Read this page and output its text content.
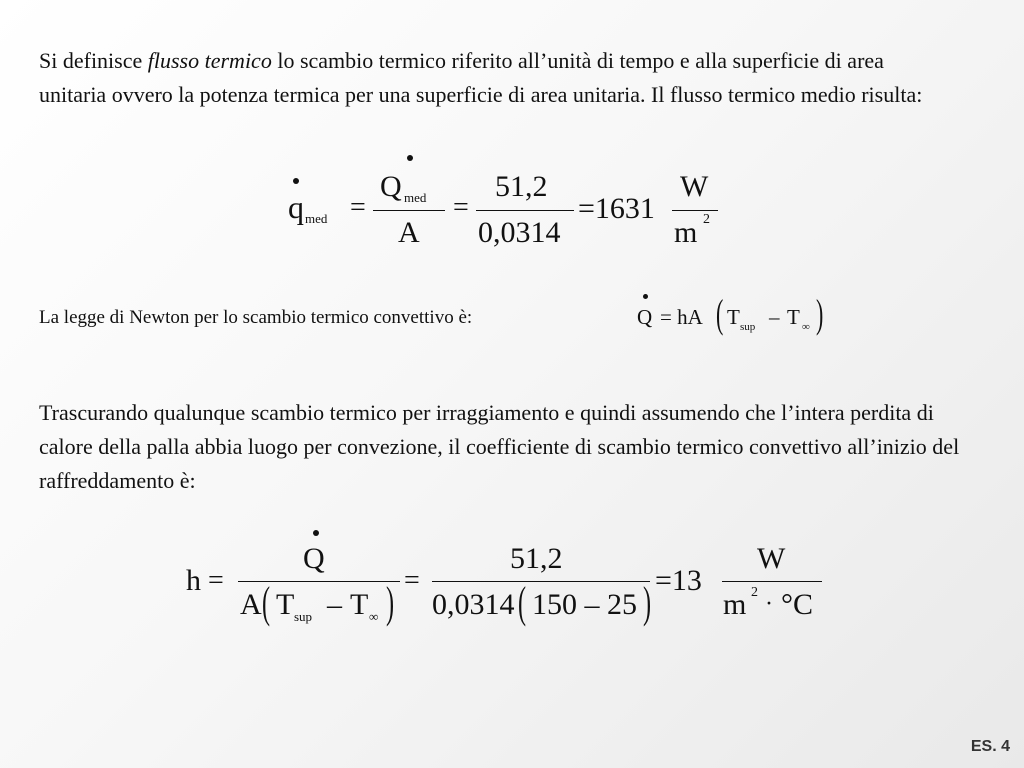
Si definisce flusso termico lo scambio termico riferito all’unità di tempo e alla superficie di area unitaria ovvero la potenza termica per una superficie di area unitaria. Il flusso termico medio risulta:

q med =
Q med
A
=
51,2
0,0314
=1631
W
m 2
La legge di Newton per lo scambio termico convettivo è:	Q = hA ( T sup – T ∞ )

Trascurando qualunque scambio termico per irraggiamento e quindi assumendo che l’intera perdita di calore della palla abbia luogo per convezione, il coefficiente di scambio termico convettivo all’inizio del raffreddamento è:

h =
Q
A ( T sup – T ∞ ) =
51,2
0,0314 ( 150 – 25 ) =13
W
m 2 · °C
ES. 4
